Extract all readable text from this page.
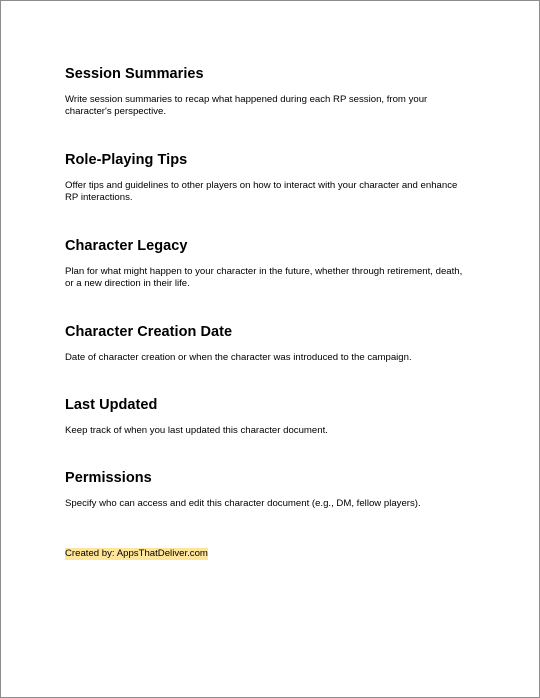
Session Summaries

Write session summaries to recap what happened during each RP session, from your character's perspective.

Role-Playing Tips

Offer tips and guidelines to other players on how to interact with your character and enhance RP interactions.

Character Legacy

Plan for what might happen to your character in the future, whether through retirement, death, or a new direction in their life.

Character Creation Date

Date of character creation or when the character was introduced to the campaign.

Last Updated

Keep track of when you last updated this character document.

Permissions

Specify who can access and edit this character document (e.g., DM, fellow players).

Created by: AppsThatDeliver.com
